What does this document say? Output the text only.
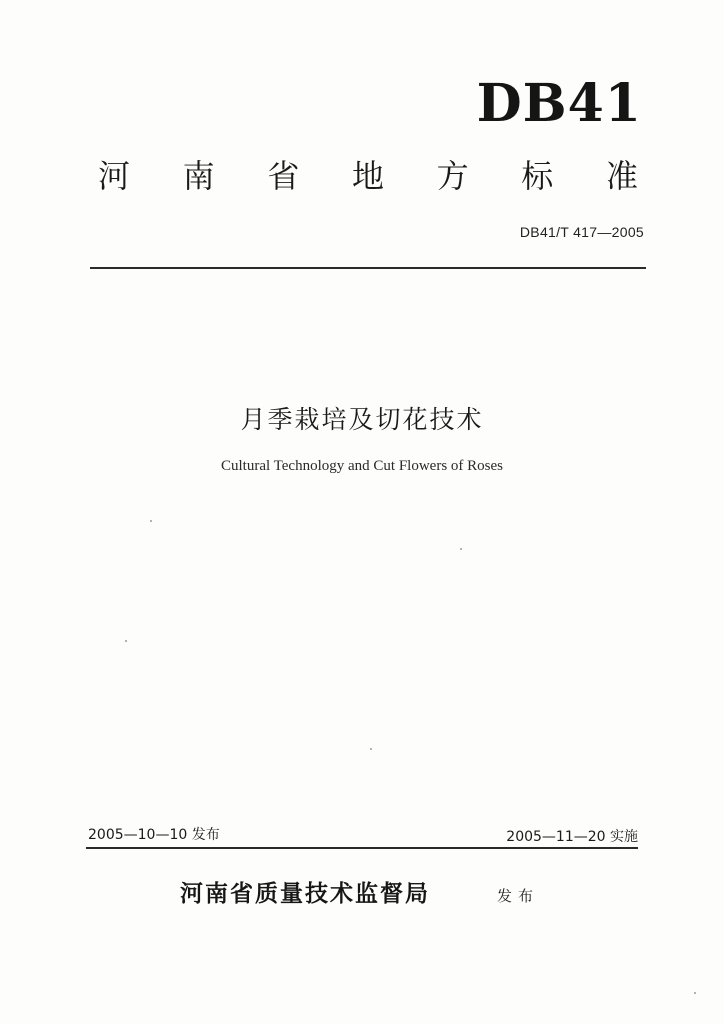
DB41
河 南 省 地 方 标 准
DB41/T 417—2005
月季栽培及切花技术
Cultural Technology and Cut Flowers of Roses
2005—10—10 发布	2005—11—20 实施
河南省质量技术监督局	发布
